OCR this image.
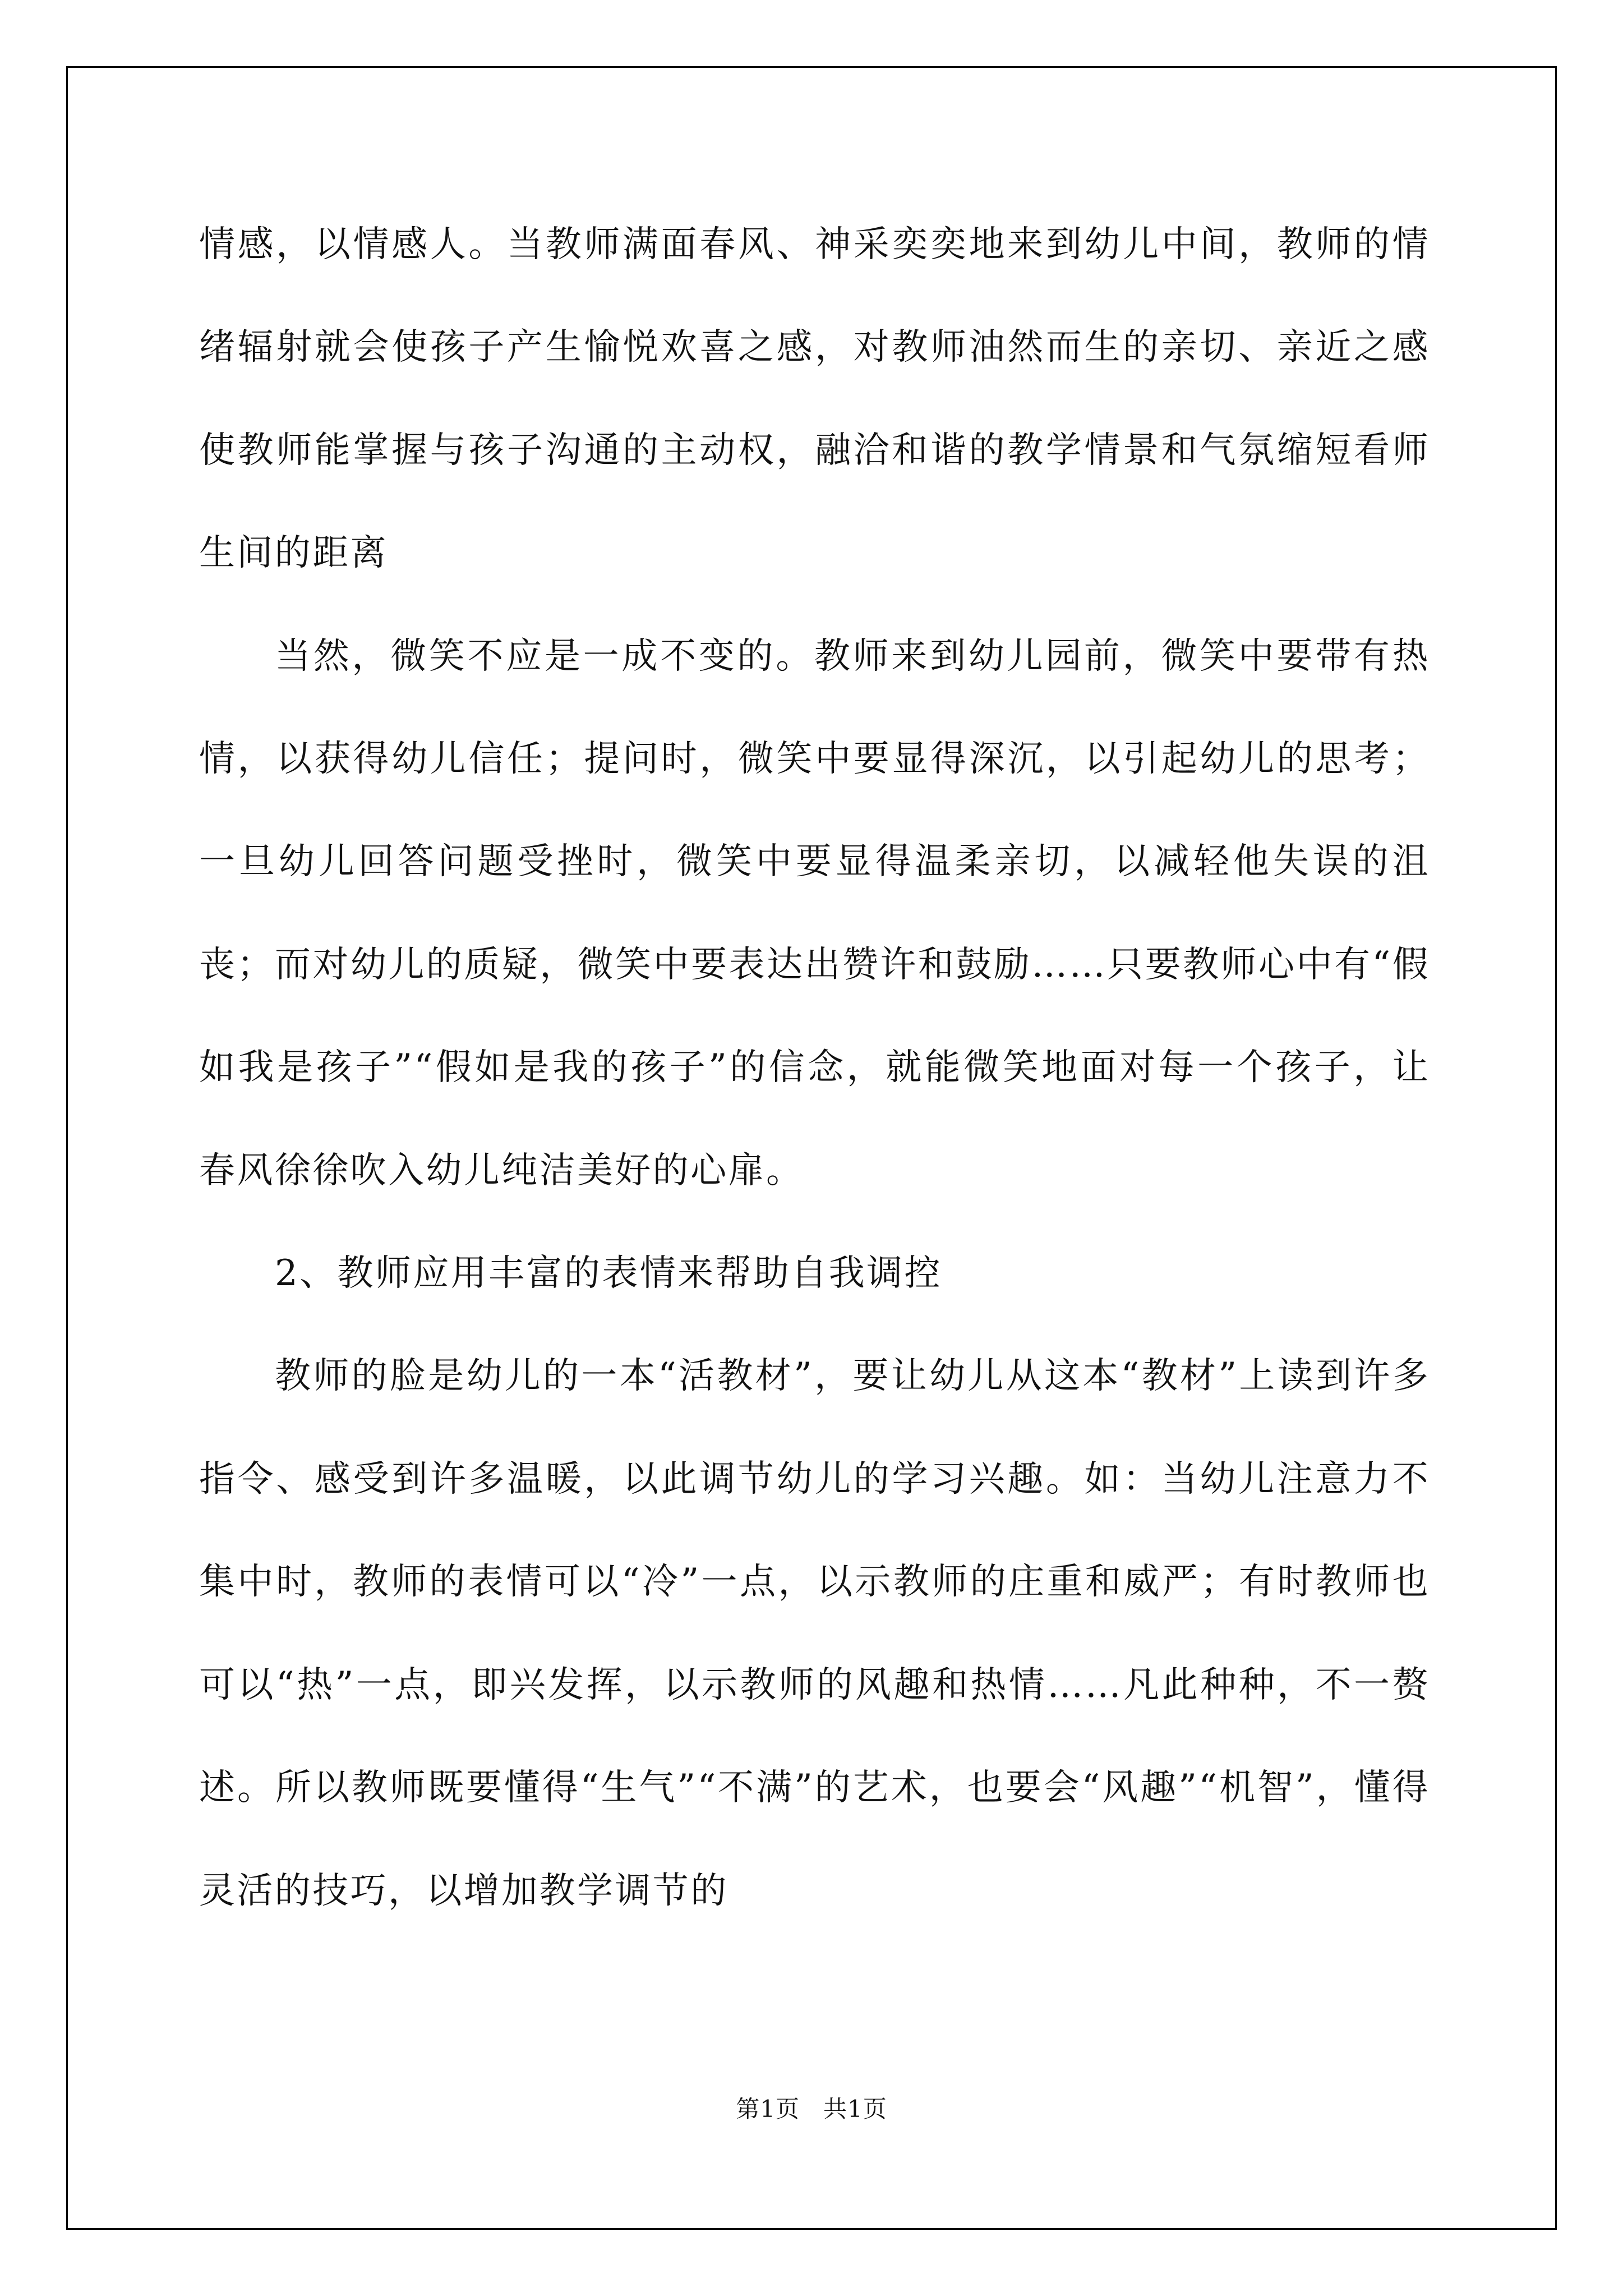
情感，以情感人。当教师满面春风、神采奕奕地来到幼儿中间，教师的情绪辐射就会使孩子产生愉悦欢喜之感，对教师油然而生的亲切、亲近之感使教师能掌握与孩子沟通的主动权，融洽和谐的教学情景和气氛缩短看师生间的距离

当然，微笑不应是一成不变的。教师来到幼儿园前，微笑中要带有热情，以获得幼儿信任；提问时，微笑中要显得深沉，以引起幼儿的思考；一旦幼儿回答问题受挫时，微笑中要显得温柔亲切，以减轻他失误的沮丧；而对幼儿的质疑，微笑中要表达出赞许和鼓励……只要教师心中有“假如我是孩子”“假如是我的孩子”的信念，就能微笑地面对每一个孩子，让春风徐徐吹入幼儿纯洁美好的心扉。

2、教师应用丰富的表情来帮助自我调控

教师的脸是幼儿的一本“活教材”，要让幼儿从这本“教材”上读到许多指令、感受到许多温暖，以此调节幼儿的学习兴趣。如：当幼儿注意力不集中时，教师的表情可以“冷”一点，以示教师的庄重和威严；有时教师也可以“热”一点，即兴发挥，以示教师的风趣和热情……凡此种种，不一赘述。所以教师既要懂得“生气”“不满”的艺术，也要会“风趣”“机智”，懂得灵活的技巧，以增加教学调节的

第1页 共1页
